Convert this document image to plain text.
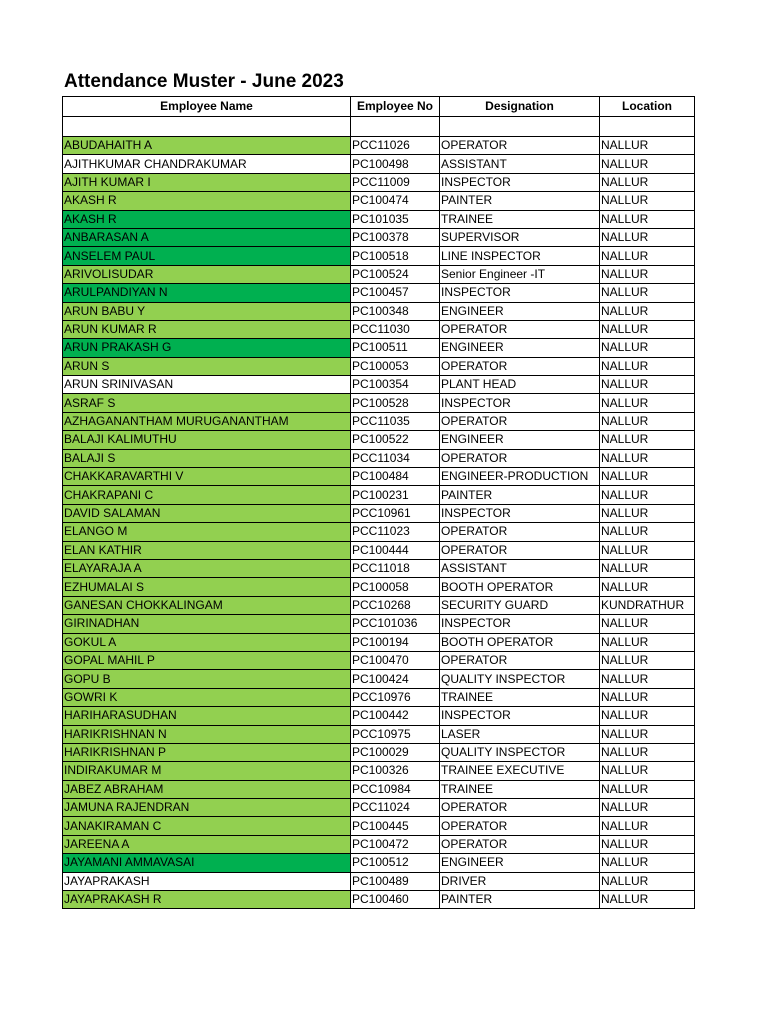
Attendance Muster - June 2023
Employee Name	Employee No	Designation	Location

ABUDAHAITH A	PCC11026	OPERATOR	NALLUR
AJITHKUMAR CHANDRAKUMAR	PC100498	ASSISTANT	NALLUR
AJITH KUMAR I	PCC11009	INSPECTOR	NALLUR
AKASH R	PC100474	PAINTER	NALLUR
AKASH R	PC101035	TRAINEE	NALLUR
ANBARASAN A	PC100378	SUPERVISOR	NALLUR
ANSELEM PAUL	PC100518	LINE INSPECTOR	NALLUR
ARIVOLISUDAR	PC100524	Senior Engineer -IT	NALLUR
ARULPANDIYAN N	PC100457	INSPECTOR	NALLUR
ARUN BABU Y	PC100348	ENGINEER	NALLUR
ARUN KUMAR R	PCC11030	OPERATOR	NALLUR
ARUN PRAKASH G	PC100511	ENGINEER	NALLUR
ARUN S	PC100053	OPERATOR	NALLUR
ARUN SRINIVASAN	PC100354	PLANT HEAD	NALLUR
ASRAF S	PC100528	INSPECTOR	NALLUR
AZHAGANANTHAM MURUGANANTHAM	PCC11035	OPERATOR	NALLUR
BALAJI KALIMUTHU	PC100522	ENGINEER	NALLUR
BALAJI S	PCC11034	OPERATOR	NALLUR
CHAKKARAVARTHI V	PC100484	ENGINEER-PRODUCTION	NALLUR
CHAKRAPANI C	PC100231	PAINTER	NALLUR
DAVID SALAMAN	PCC10961	INSPECTOR	NALLUR
ELANGO M	PCC11023	OPERATOR	NALLUR
ELAN KATHIR	PC100444	OPERATOR	NALLUR
ELAYARAJA A	PCC11018	ASSISTANT	NALLUR
EZHUMALAI S	PC100058	BOOTH OPERATOR	NALLUR
GANESAN CHOKKALINGAM	PCC10268	SECURITY GUARD	KUNDRATHUR
GIRINADHAN	PCC101036	INSPECTOR	NALLUR
GOKUL A	PC100194	BOOTH OPERATOR	NALLUR
GOPAL MAHIL P	PC100470	OPERATOR	NALLUR
GOPU B	PC100424	QUALITY INSPECTOR	NALLUR
GOWRI K	PCC10976	TRAINEE	NALLUR
HARIHARASUDHAN	PC100442	INSPECTOR	NALLUR
HARIKRISHNAN N	PCC10975	LASER	NALLUR
HARIKRISHNAN P	PC100029	QUALITY INSPECTOR	NALLUR
INDIRAKUMAR M	PC100326	TRAINEE EXECUTIVE	NALLUR
JABEZ ABRAHAM	PCC10984	TRAINEE	NALLUR
JAMUNA RAJENDRAN	PCC11024	OPERATOR	NALLUR
JANAKIRAMAN C	PC100445	OPERATOR	NALLUR
JAREENA A	PC100472	OPERATOR	NALLUR
JAYAMANI AMMAVASAI	PC100512	ENGINEER	NALLUR
JAYAPRAKASH	PC100489	DRIVER	NALLUR
JAYAPRAKASH R	PC100460	PAINTER	NALLUR
